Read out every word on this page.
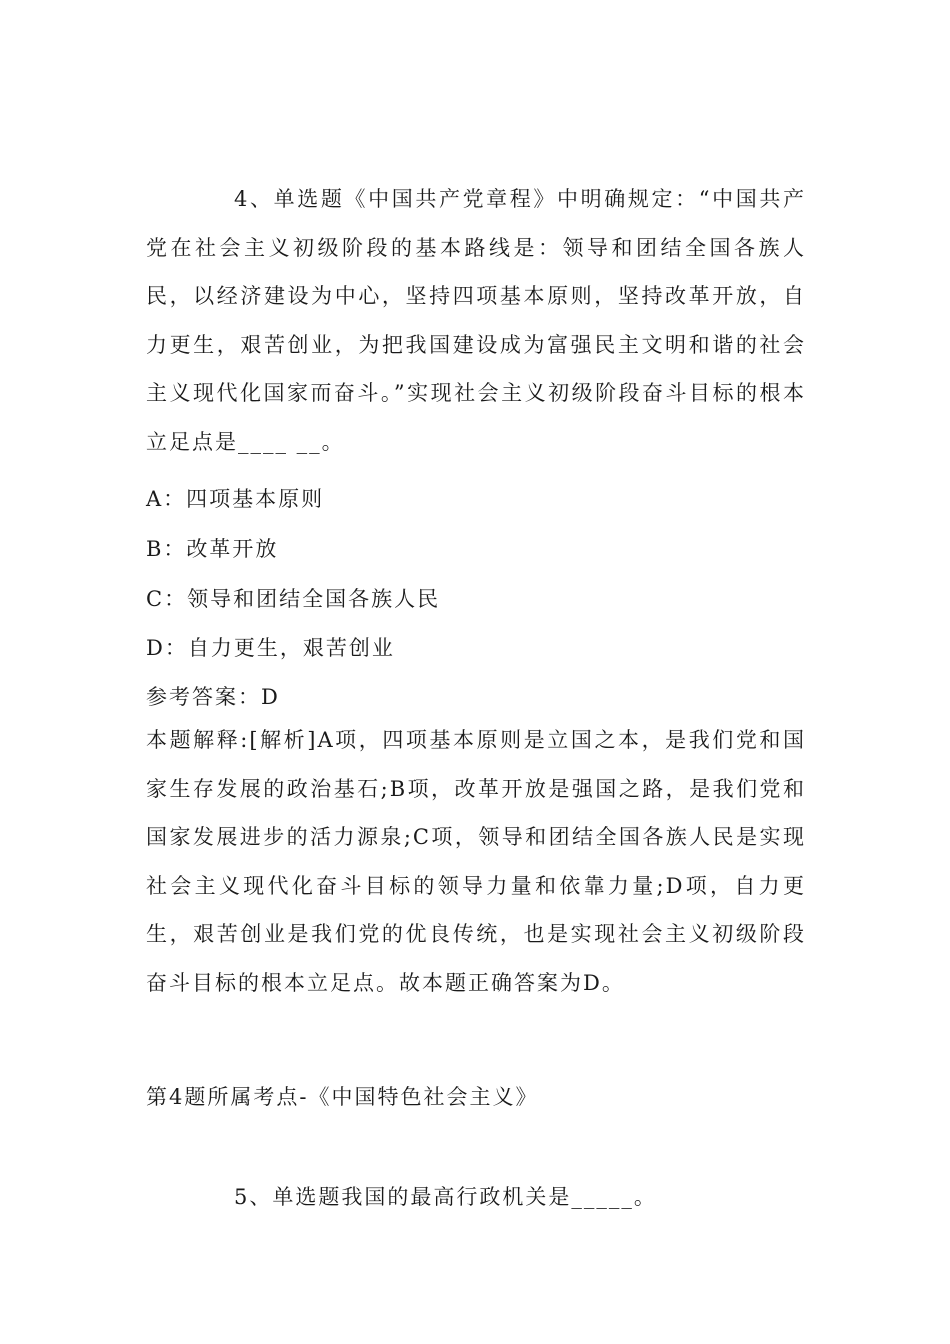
4、单选题《中国共产党章程》中明确规定：“中国共产党在社会主义初级阶段的基本路线是：领导和团结全国各族人民，以经济建设为中心，坚持四项基本原则，坚持改革开放，自力更生，艰苦创业，为把我国建设成为富强民主文明和谐的社会主义现代化国家而奋斗。”实现社会主义初级阶段奋斗目标的根本立足点是____ __。

A：四项基本原则

B：改革开放

C：领导和团结全国各族人民

D：自力更生，艰苦创业

参考答案：D

本题解释:[解析]A项，四项基本原则是立国之本，是我们党和国家生存发展的政治基石;B项，改革开放是强国之路，是我们党和国家发展进步的活力源泉;C项，领导和团结全国各族人民是实现社会主义现代化奋斗目标的领导力量和依靠力量;D项，自力更生，艰苦创业是我们党的优良传统，也是实现社会主义初级阶段奋斗目标的根本立足点。故本题正确答案为D。

第4题所属考点-《中国特色社会主义》

5、单选题我国的最高行政机关是_____。
